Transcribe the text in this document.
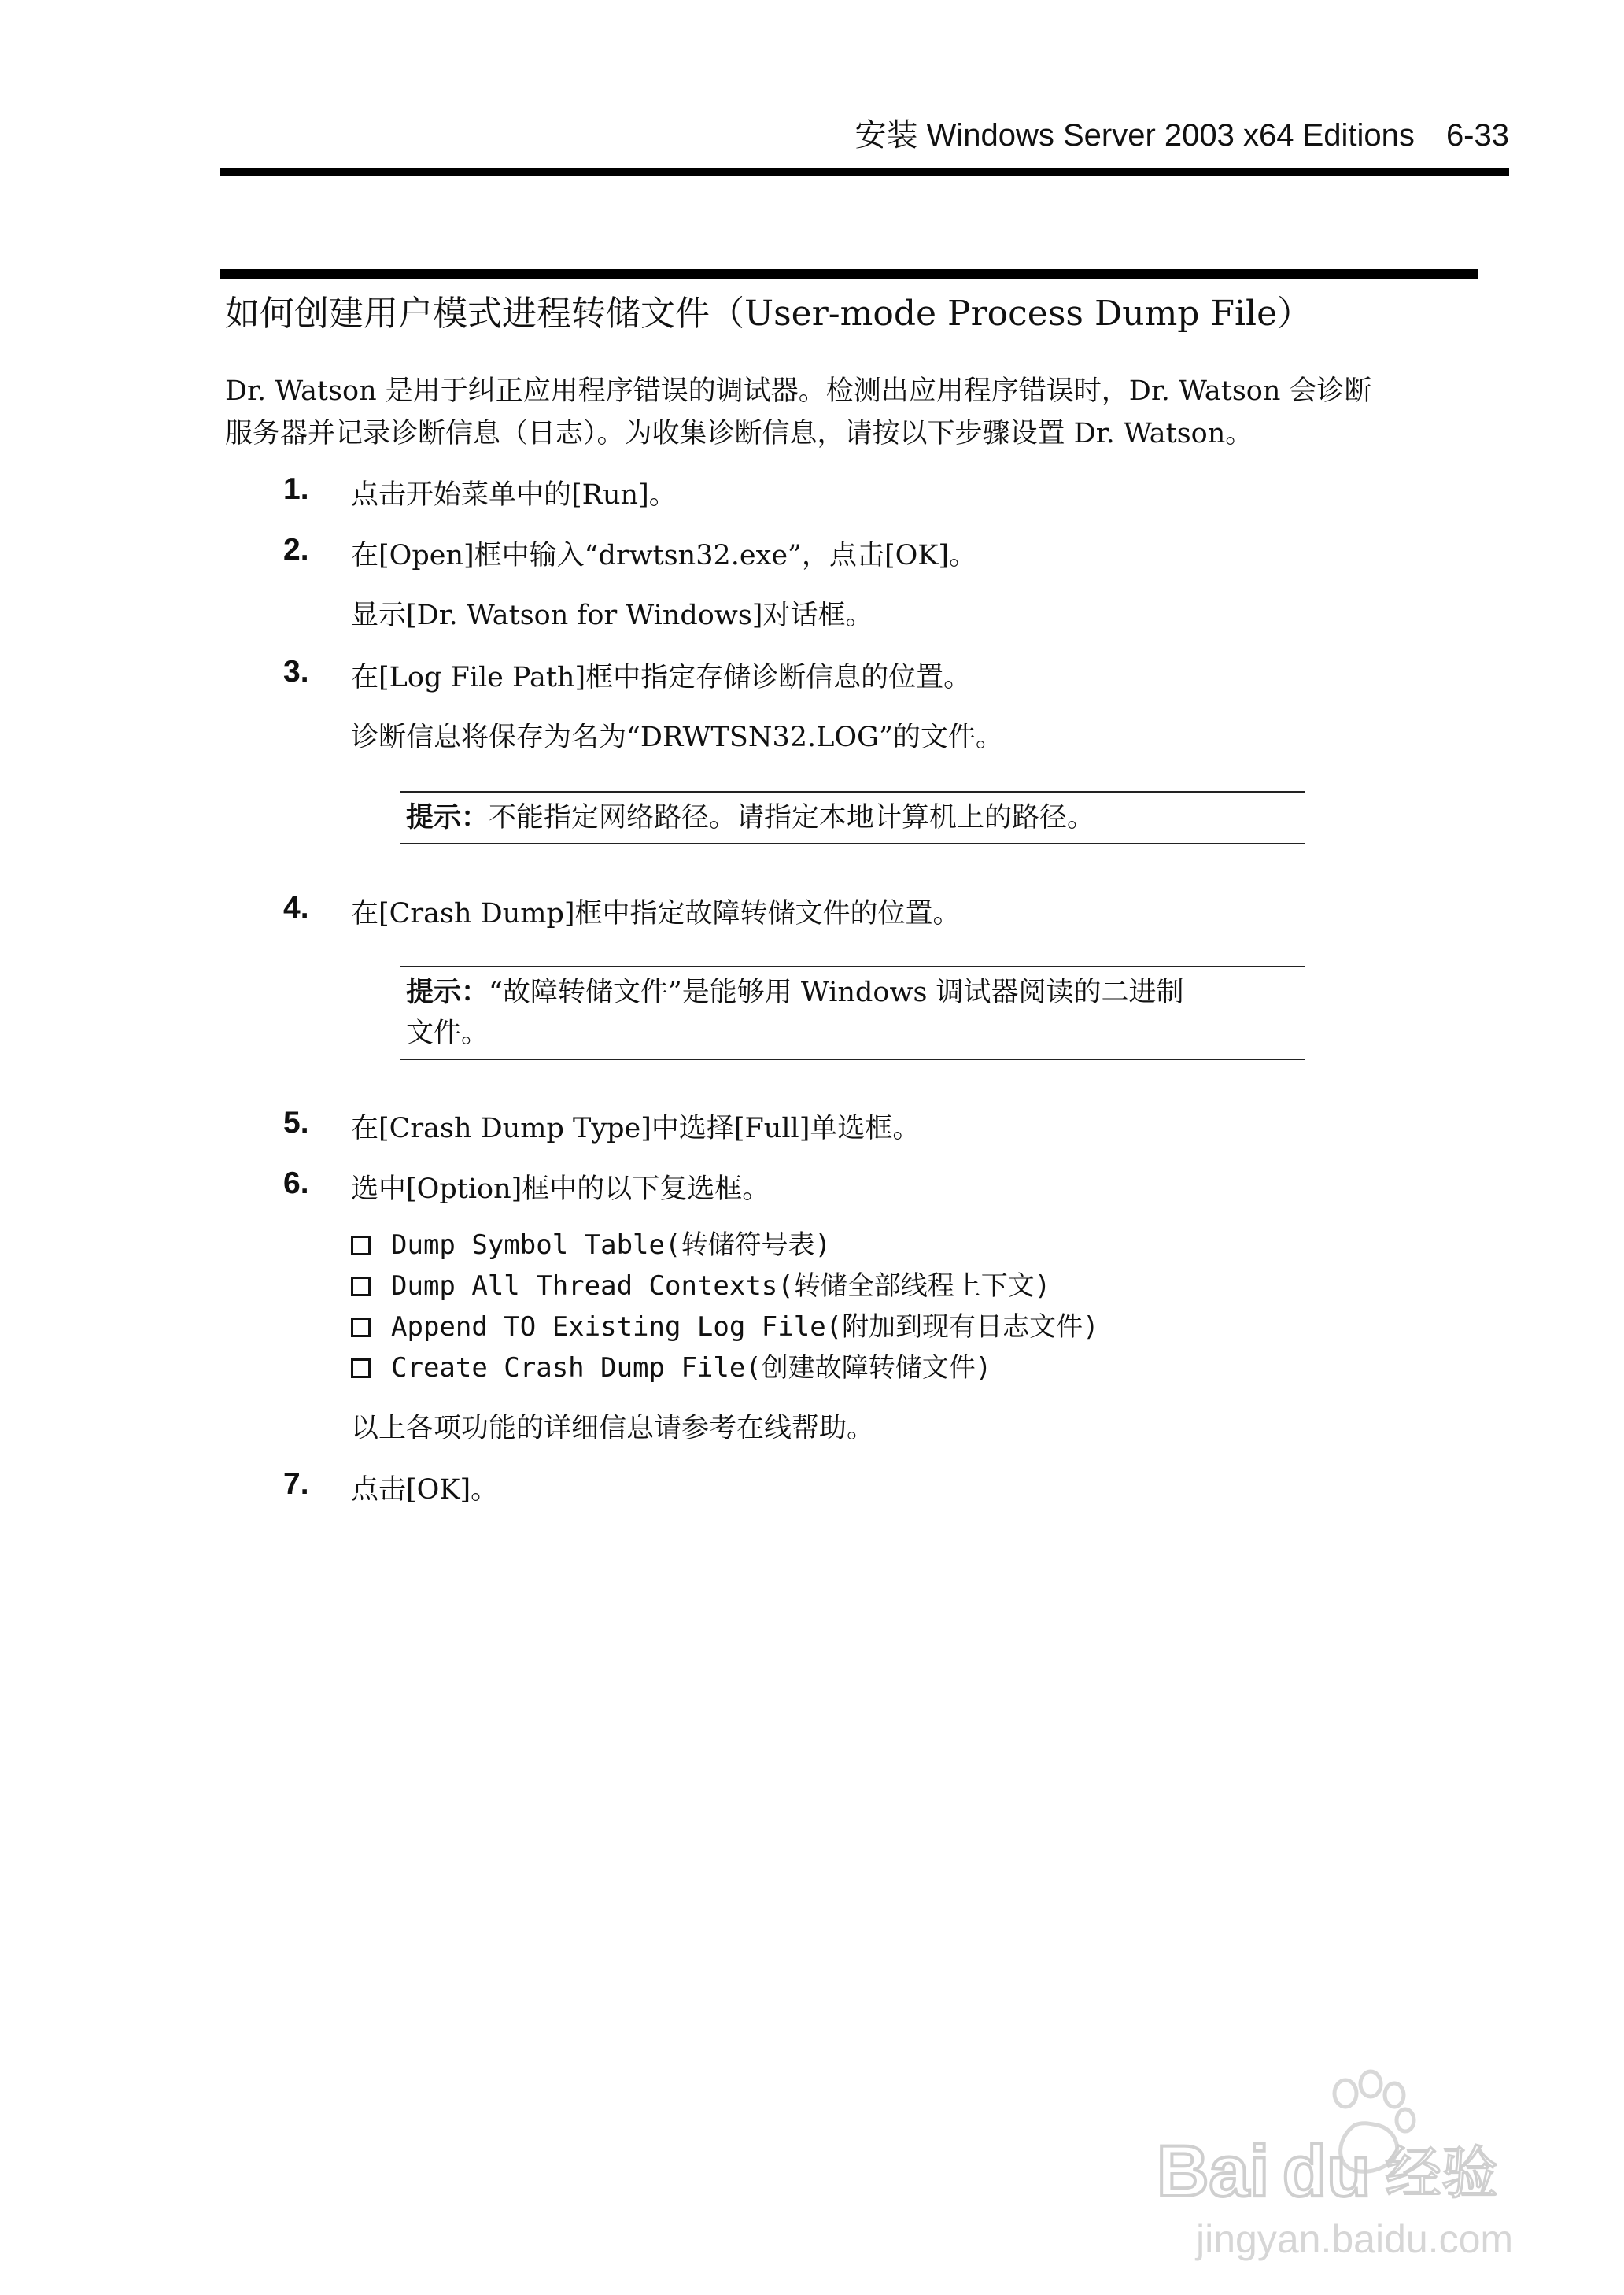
安装 Windows Server 2003 x64 Editions 6-33
如何创建用户模式进程转储文件（User-mode Process Dump File）

Dr. Watson 是用于纠正应用程序错误的调试器。检测出应用程序错误时，Dr. Watson 会诊断

服务器并记录诊断信息（日志）。为收集诊断信息，请按以下步骤设置 Dr. Watson。

1. 点击开始菜单中的[Run]。
2. 在[Open]框中输入“drwtsn32.exe”，点击[OK]。
显示[Dr. Watson for Windows]对话框。
3. 在[Log File Path]框中指定存储诊断信息的位置。
诊断信息将保存为名为“DRWTSN32.LOG”的文件。
提示：不能指定网络路径。请指定本地计算机上的路径。
4. 在[Crash Dump]框中指定故障转储文件的位置。
提示：“故障转储文件”是能够用 Windows 调试器阅读的二进制
文件。
5. 在[Crash Dump Type]中选择[Full]单选框。
6. 选中[Option]框中的以下复选框。
Dump Symbol Table(转储符号表)
Dump All Thread Contexts(转储全部线程上下文)
Append TO Existing Log File(附加到现有日志文件)
Create Crash Dump File(创建故障转储文件)
以上各项功能的详细信息请参考在线帮助。
7. 点击[OK]。
Bai du 经验
jingyan.baidu.com
